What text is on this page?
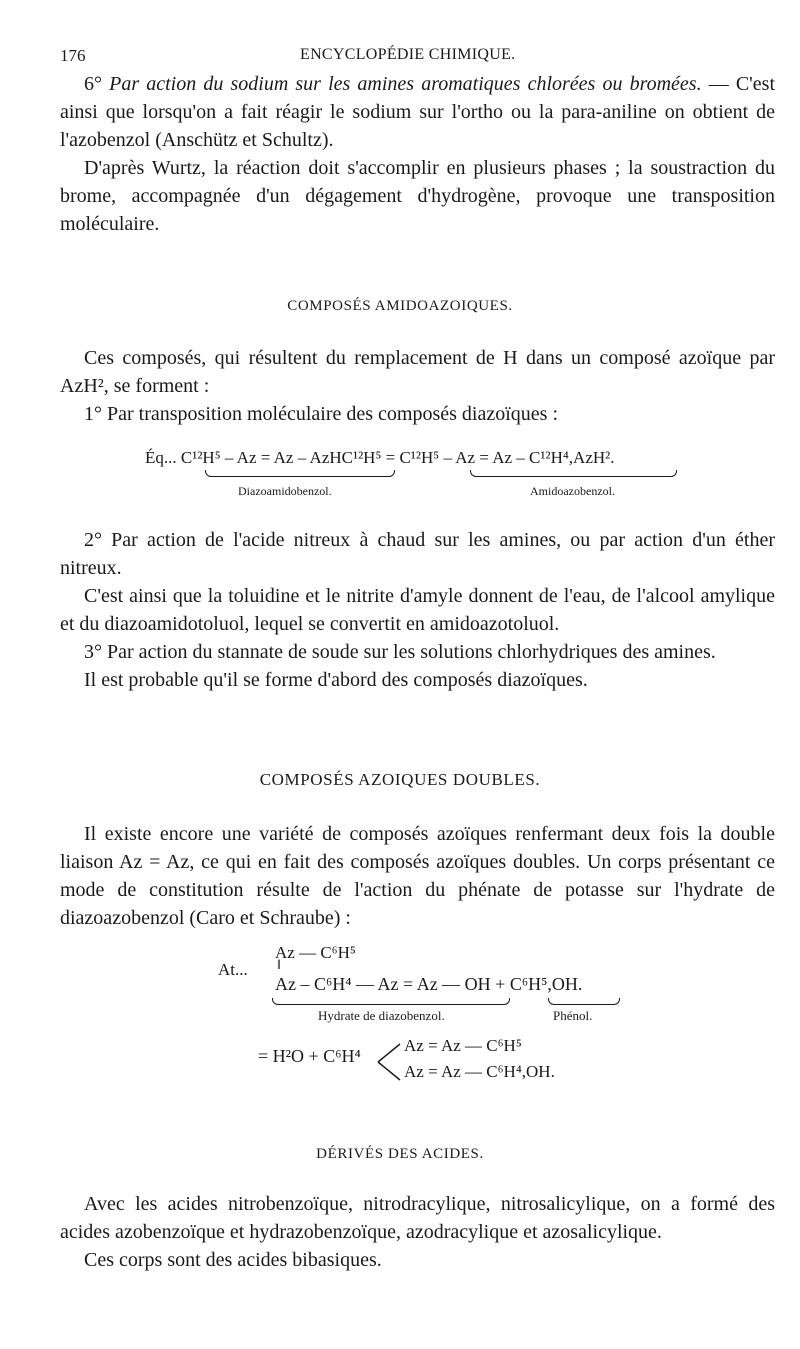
176	ENCYCLOPÉDIE CHIMIQUE.

6° Par action du sodium sur les amines aromatiques chlorées ou bromées. — C'est ainsi que lorsqu'on a fait réagir le sodium sur l'ortho ou la para-aniline on obtient de l'azobenzol (Anschütz et Schultz).

D'après Wurtz, la réaction doit s'accomplir en plusieurs phases ; la soustraction du brome, accompagnée d'un dégagement d'hydrogène, provoque une transposition moléculaire.

COMPOSÉS AMIDOAZOIQUES.

Ces composés, qui résultent du remplacement de H dans un composé azoïque par AzH², se forment :

1° Par transposition moléculaire des composés diazoïques :

Éq... C¹²H⁵ – Az = Az – AzHC¹²H⁵ = C¹²H⁵ – Az = Az – C¹²H⁴,AzH².
Diazoamidobenzol.	Amidoazobenzol.

2° Par action de l'acide nitreux à chaud sur les amines, ou par action d'un éther nitreux.

C'est ainsi que la toluidine et le nitrite d'amyle donnent de l'eau, de l'alcool amylique et du diazoamidotoluol, lequel se convertit en amidoazotoluol.

3° Par action du stannate de soude sur les solutions chlorhydriques des amines.

Il est probable qu'il se forme d'abord des composés diazoïques.

COMPOSÉS AZOIQUES DOUBLES.

Il existe encore une variété de composés azoïques renfermant deux fois la double liaison Az = Az, ce qui en fait des composés azoïques doubles. Un corps présentant ce mode de constitution résulte de l'action du phénate de potasse sur l'hydrate de diazoazobenzol (Caro et Schraube) :

Az — C⁶H⁵
At... ‖
Az – C⁶H⁴ — Az = Az — OH + C⁶H⁵,OH.
Hydrate de diazobenzol.	Phénol.
= H²O + C⁶H⁴
Az = Az — C⁶H⁵
Az = Az — C⁶H⁴,OH.
DÉRIVÉS DES ACIDES.

Avec les acides nitrobenzoïque, nitrodracylique, nitrosalicylique, on a formé des acides azobenzoïque et hydrazobenzoïque, azodracylique et azosalicylique.

Ces corps sont des acides bibasiques.
